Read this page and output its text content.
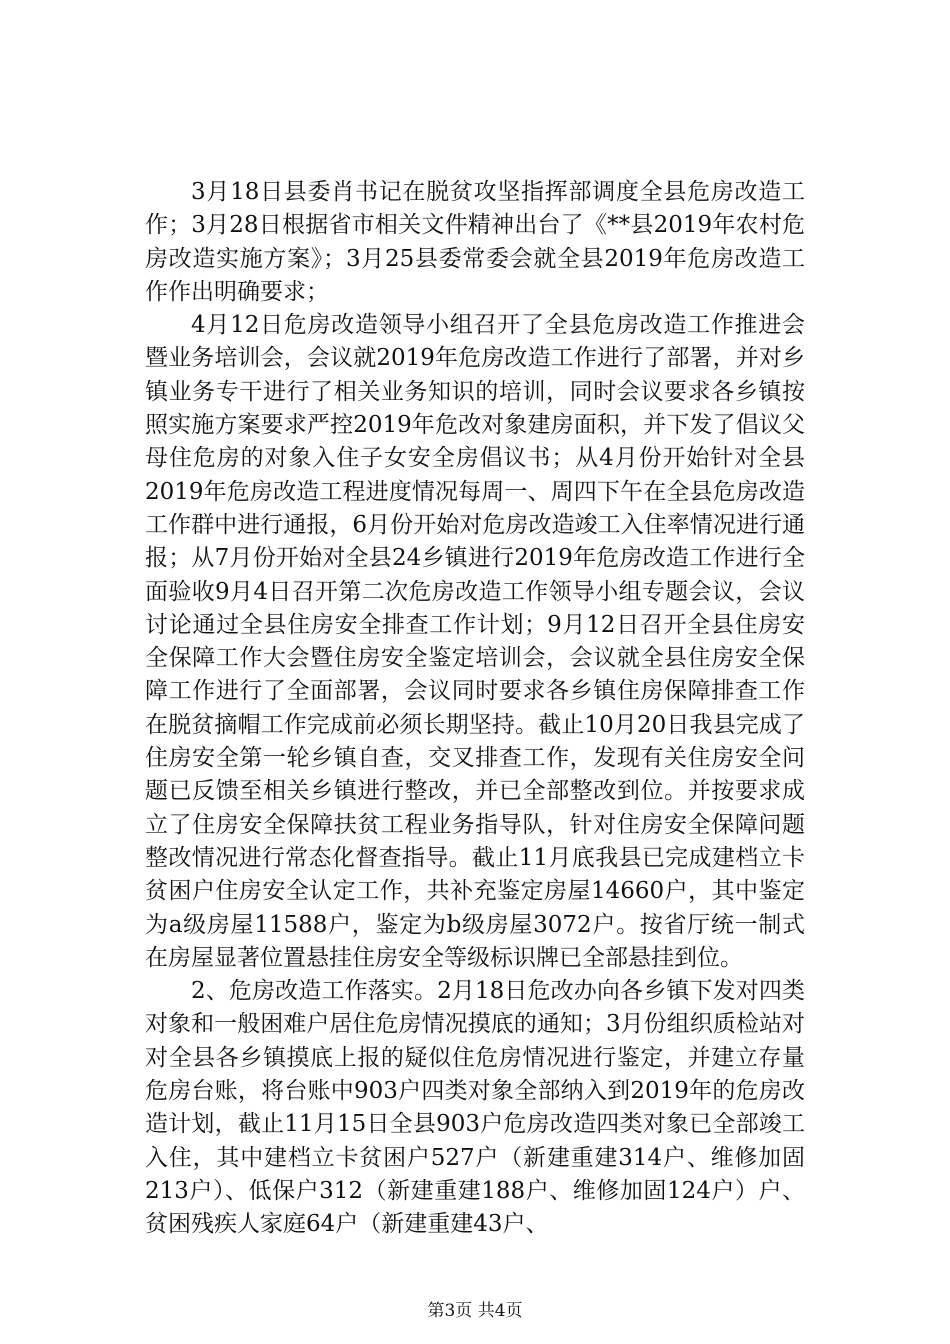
3月18日县委肖书记在脱贫攻坚指挥部调度全县危房改造工作；3月28日根据省市相关文件精神出台了《**县2019年农村危房改造实施方案》；3月25县委常委会就全县2019年危房改造工作作出明确要求；

4月12日危房改造领导小组召开了全县危房改造工作推进会暨业务培训会，会议就2019年危房改造工作进行了部署，并对乡镇业务专干进行了相关业务知识的培训，同时会议要求各乡镇按照实施方案要求严控2019年危改对象建房面积，并下发了倡议父母住危房的对象入住子女安全房倡议书；从4月份开始针对全县2019年危房改造工程进度情况每周一、周四下午在全县危房改造工作群中进行通报，6月份开始对危房改造竣工入住率情况进行通报；从7月份开始对全县24乡镇进行2019年危房改造工作进行全面验收9月4日召开第二次危房改造工作领导小组专题会议，会议讨论通过全县住房安全排查工作计划；9月12日召开全县住房安全保障工作大会暨住房安全鉴定培训会，会议就全县住房安全保障工作进行了全面部署，会议同时要求各乡镇住房保障排查工作在脱贫摘帽工作完成前必须长期坚持。截止10月20日我县完成了住房安全第一轮乡镇自查，交叉排查工作，发现有关住房安全问题已反馈至相关乡镇进行整改，并已全部整改到位。并按要求成立了住房安全保障扶贫工程业务指导队，针对住房安全保障问题整改情况进行常态化督查指导。截止11月底我县已完成建档立卡贫困户住房安全认定工作，共补充鉴定房屋14660户，其中鉴定为a级房屋11588户，鉴定为b级房屋3072户。按省厅统一制式在房屋显著位置悬挂住房安全等级标识牌已全部悬挂到位。

2、危房改造工作落实。2月18日危改办向各乡镇下发对四类对象和一般困难户居住危房情况摸底的通知；3月份组织质检站对对全县各乡镇摸底上报的疑似住危房情况进行鉴定，并建立存量危房台账，将台账中903户四类对象全部纳入到2019年的危房改造计划，截止11月15日全县903户危房改造四类对象已全部竣工入住，其中建档立卡贫困户527户（新建重建314户、维修加固213户）、低保户312（新建重建188户、维修加固124户）户、贫困残疾人家庭64户（新建重建43户、

第3页 共4页
